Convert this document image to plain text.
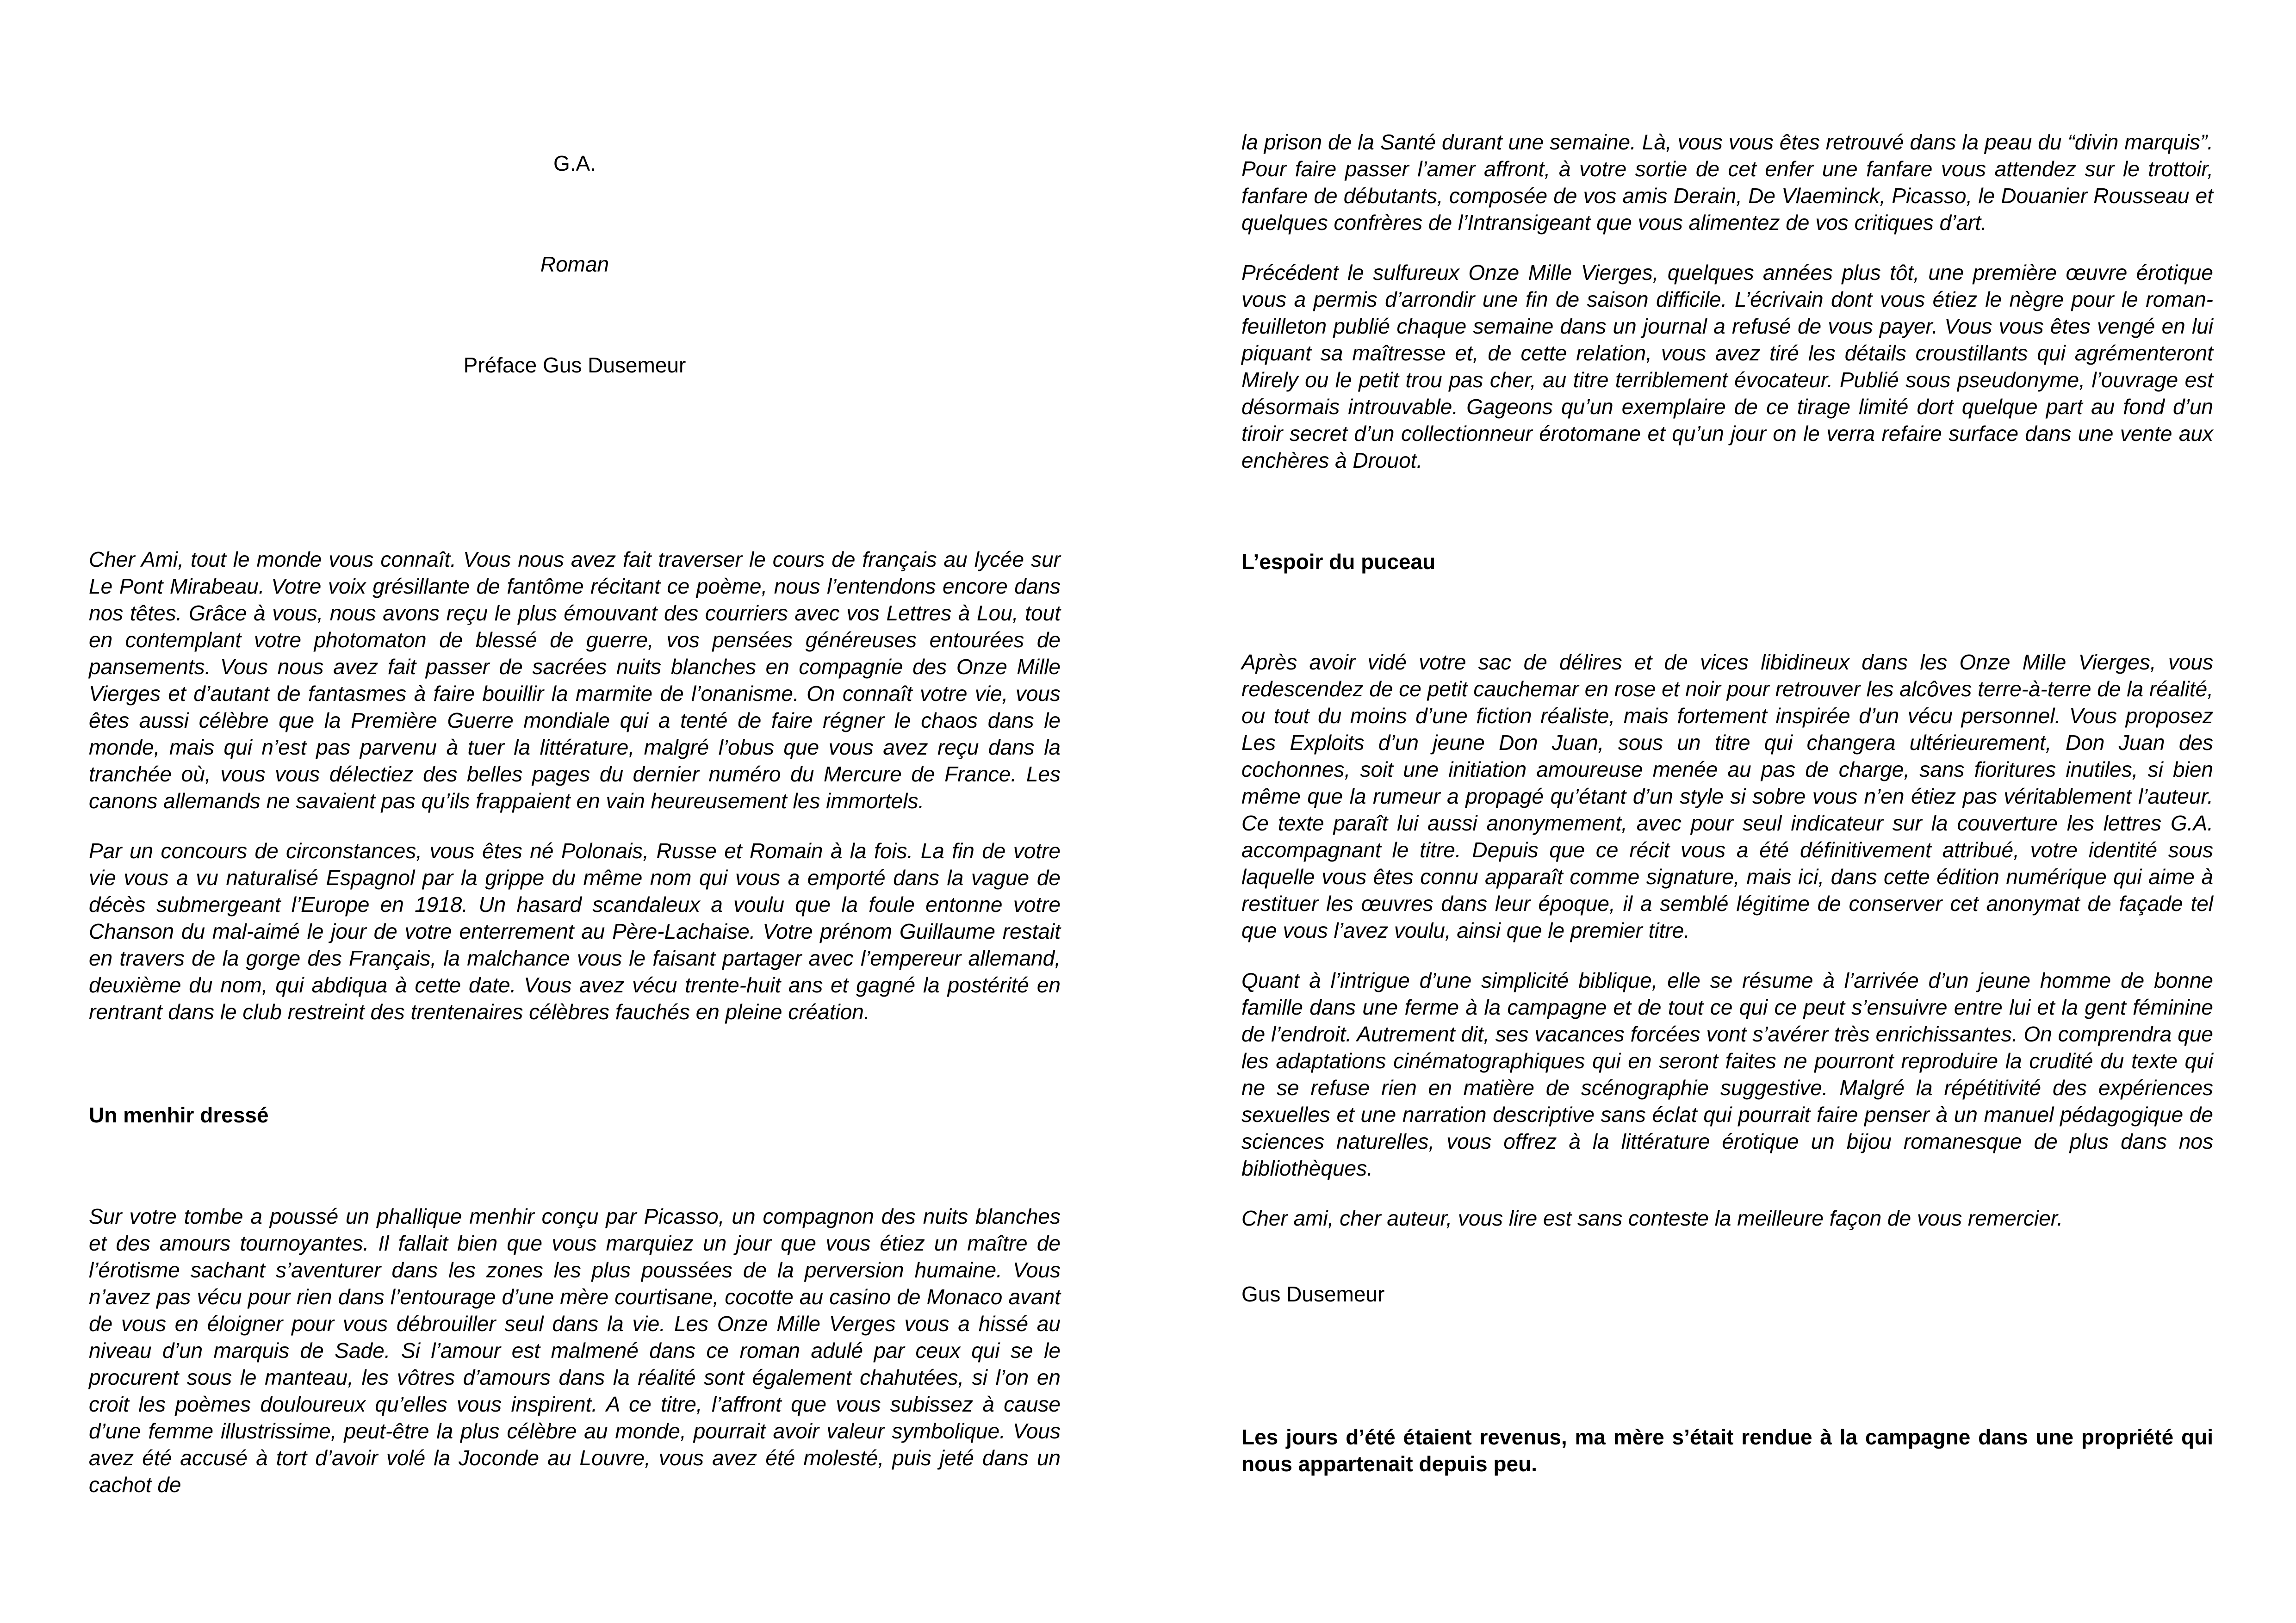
G.A.
Roman
Préface Gus Dusemeur

Cher Ami, tout le monde vous connaît. Vous nous avez fait traverser le cours de français au lycée sur Le Pont Mirabeau. Votre voix grésillante de fantôme récitant ce poème, nous l’entendons encore dans nos têtes. Grâce à vous, nous avons reçu le plus émouvant des courriers avec vos Lettres à Lou, tout en contemplant votre photomaton de blessé de guerre, vos pensées généreuses entourées de pansements. Vous nous avez fait passer de sacrées nuits blanches en compagnie des Onze Mille Vierges et d’autant de fantasmes à faire bouillir la marmite de l’onanisme. On connaît votre vie, vous êtes aussi célèbre que la Première Guerre mondiale qui a tenté de faire régner le chaos dans le monde, mais qui n’est pas parvenu à tuer la littérature, malgré l’obus que vous avez reçu dans la tranchée où, vous vous délectiez des belles pages du dernier numéro du Mercure de France. Les canons allemands ne savaient pas qu’ils frappaient en vain heureusement les immortels.

Par un concours de circonstances, vous êtes né Polonais, Russe et Romain à la fois. La fin de votre vie vous a vu naturalisé Espagnol par la grippe du même nom qui vous a emporté dans la vague de décès submergeant l’Europe en 1918. Un hasard scandaleux a voulu que la foule entonne votre Chanson du mal-aimé le jour de votre enterrement au Père-Lachaise. Votre prénom Guillaume restait en travers de la gorge des Français, la malchance vous le faisant partager avec l’empereur allemand, deuxième du nom, qui abdiqua à cette date. Vous avez vécu trente-huit ans et gagné la postérité en rentrant dans le club restreint des trentenaires célèbres fauchés en pleine création.

Un menhir dressé

Sur votre tombe a poussé un phallique menhir conçu par Picasso, un compagnon des nuits blanches et des amours tournoyantes. Il fallait bien que vous marquiez un jour que vous étiez un maître de l’érotisme sachant s’aventurer dans les zones les plus poussées de la perversion humaine. Vous n’avez pas vécu pour rien dans l’entourage d’une mère courtisane, cocotte au casino de Monaco avant de vous en éloigner pour vous débrouiller seul dans la vie. Les Onze Mille Verges vous a hissé au niveau d’un marquis de Sade. Si l’amour est malmené dans ce roman adulé par ceux qui se le procurent sous le manteau, les vôtres d’amours dans la réalité sont également chahutées, si l’on en croit les poèmes douloureux qu’elles vous inspirent. A ce titre, l’affront que vous subissez à cause d’une femme illustrissime, peut-être la plus célèbre au monde, pourrait avoir valeur symbolique. Vous avez été accusé à tort d’avoir volé la Joconde au Louvre, vous avez été molesté, puis jeté dans un cachot de

la prison de la Santé durant une semaine. Là, vous vous êtes retrouvé dans la peau du “divin marquis”. Pour faire passer l’amer affront, à votre sortie de cet enfer une fanfare vous attendez sur le trottoir, fanfare de débutants, composée de vos amis Derain, De Vlaeminck, Picasso, le Douanier Rousseau et quelques confrères de l’Intransigeant que vous alimentez de vos critiques d’art.

Précédent le sulfureux Onze Mille Vierges, quelques années plus tôt, une première œuvre érotique vous a permis d’arrondir une fin de saison difficile. L’écrivain dont vous étiez le nègre pour le roman-feuilleton publié chaque semaine dans un journal a refusé de vous payer. Vous vous êtes vengé en lui piquant sa maîtresse et, de cette relation, vous avez tiré les détails croustillants qui agrémenteront Mirely ou le petit trou pas cher, au titre terriblement évocateur. Publié sous pseudonyme, l’ouvrage est désormais introuvable. Gageons qu’un exemplaire de ce tirage limité dort quelque part au fond d’un tiroir secret d’un collectionneur érotomane et qu’un jour on le verra refaire surface dans une vente aux enchères à Drouot.

L’espoir du puceau

Après avoir vidé votre sac de délires et de vices libidineux dans les Onze Mille Vierges, vous redescendez de ce petit cauchemar en rose et noir pour retrouver les alcôves terre-à-terre de la réalité, ou tout du moins d’une fiction réaliste, mais fortement inspirée d’un vécu personnel. Vous proposez Les Exploits d’un jeune Don Juan, sous un titre qui changera ultérieurement, Don Juan des cochonnes, soit une initiation amoureuse menée au pas de charge, sans fioritures inutiles, si bien même que la rumeur a propagé qu’étant d’un style si sobre vous n’en étiez pas véritablement l’auteur. Ce texte paraît lui aussi anonymement, avec pour seul indicateur sur la couverture les lettres G.A. accompagnant le titre. Depuis que ce récit vous a été définitivement attribué, votre identité sous laquelle vous êtes connu apparaît comme signature, mais ici, dans cette édition numérique qui aime à restituer les œuvres dans leur époque, il a semblé légitime de conserver cet anonymat de façade tel que vous l’avez voulu, ainsi que le premier titre.

Quant à l’intrigue d’une simplicité biblique, elle se résume à l’arrivée d’un jeune homme de bonne famille dans une ferme à la campagne et de tout ce qui ce peut s’ensuivre entre lui et la gent féminine de l’endroit. Autrement dit, ses vacances forcées vont s’avérer très enrichissantes. On comprendra que les adaptations cinématographiques qui en seront faites ne pourront reproduire la crudité du texte qui ne se refuse rien en matière de scénographie suggestive. Malgré la répétitivité des expériences sexuelles et une narration descriptive sans éclat qui pourrait faire penser à un manuel pédagogique de sciences naturelles, vous offrez à la littérature érotique un bijou romanesque de plus dans nos bibliothèques.

Cher ami, cher auteur, vous lire est sans conteste la meilleure façon de vous remercier.

Gus Dusemeur

Les jours d’été étaient revenus, ma mère s’était rendue à la campagne dans une propriété qui nous appartenait depuis peu.
